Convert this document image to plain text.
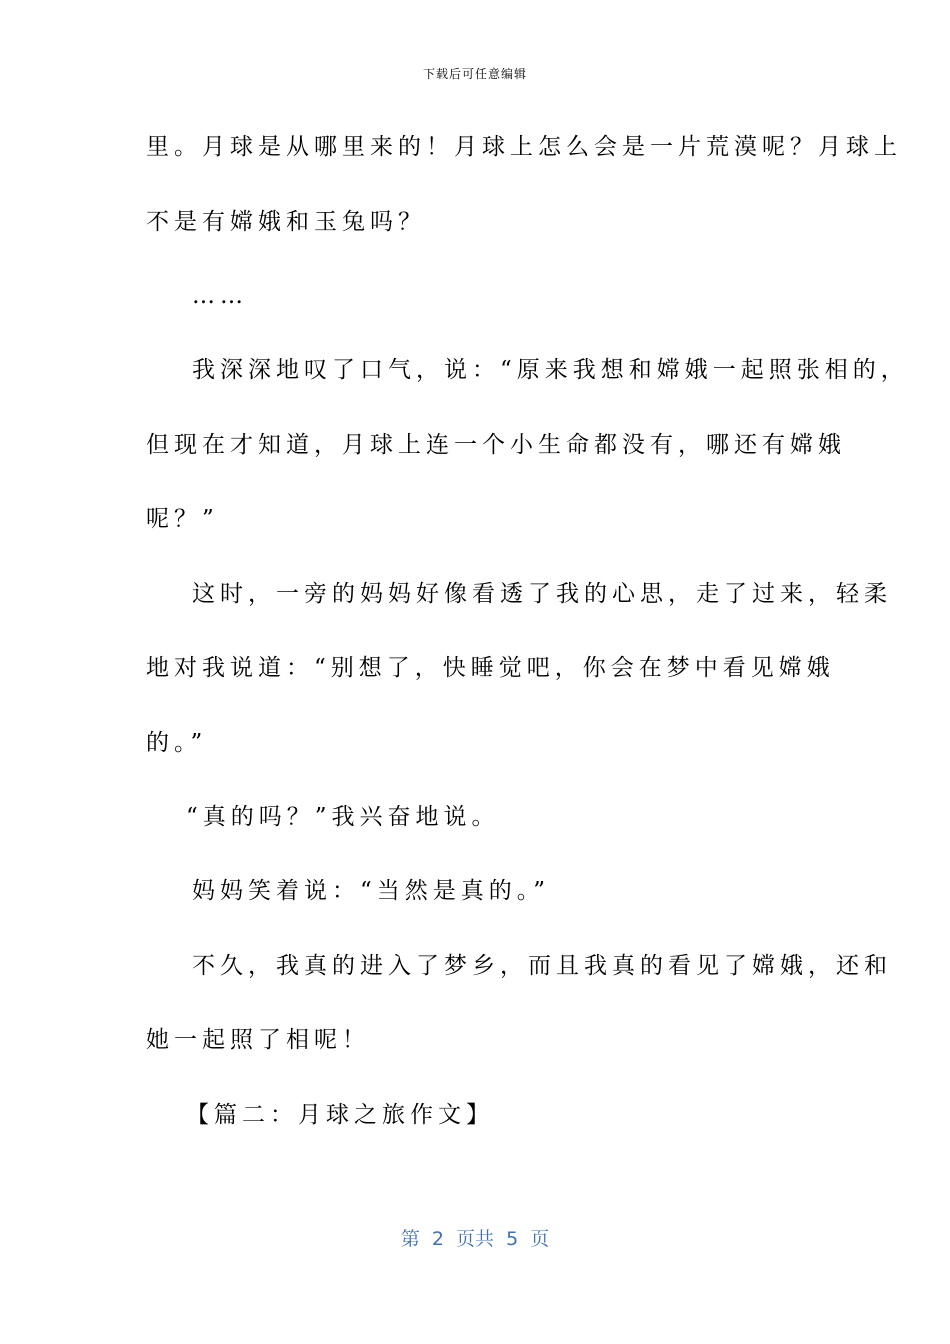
下载后可任意编辑
里。月球是从哪里来的！月球上怎么会是一片荒漠呢？月球上
不是有嫦娥和玉兔吗？
……
我深深地叹了口气，说：“原来我想和嫦娥一起照张相的，
但现在才知道，月球上连一个小生命都没有，哪还有嫦娥
呢？”
这时，一旁的妈妈好像看透了我的心思，走了过来，轻柔
地对我说道：“别想了，快睡觉吧，你会在梦中看见嫦娥
的。”
“真的吗？”我兴奋地说。
妈妈笑着说：“当然是真的。”
不久，我真的进入了梦乡，而且我真的看见了嫦娥，还和
她一起照了相呢！
【篇二：月球之旅作文】
第  2  页共  5  页
